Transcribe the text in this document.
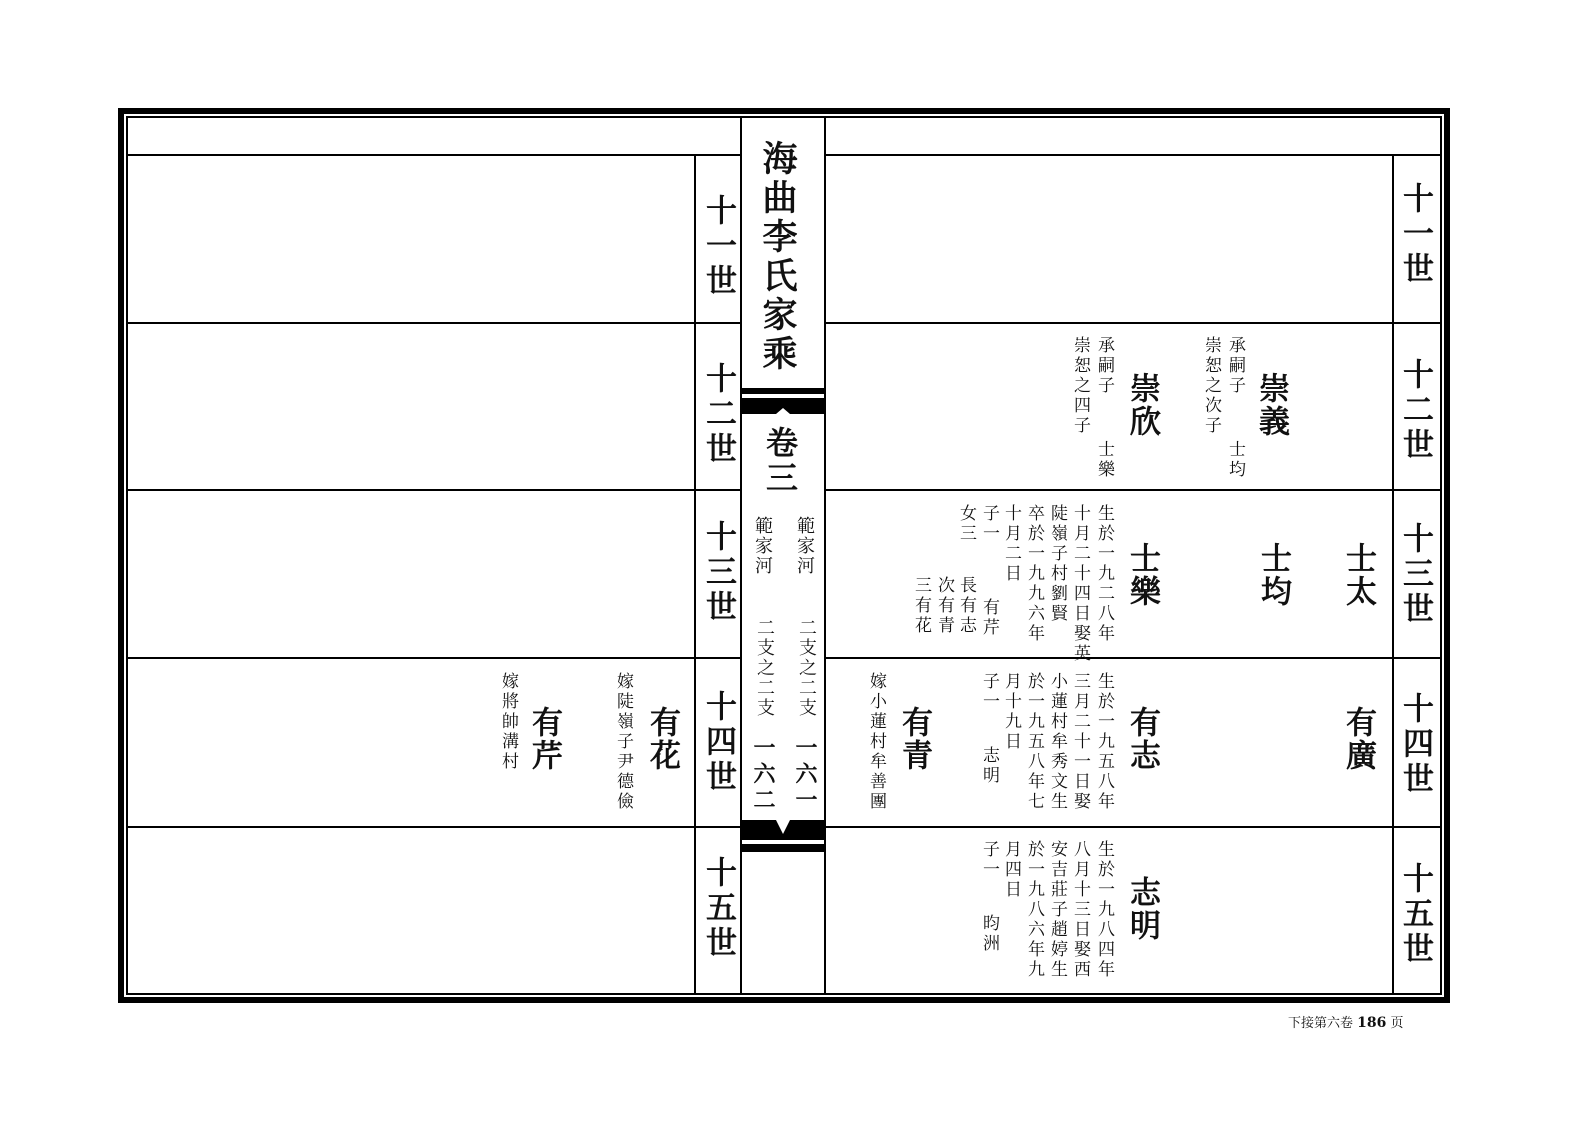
海曲李氏家乘
卷三
範家河
範家河
二支之二支
二支之二支
一六一
一六二
十一世
十二世
十三世
十四世
十五世
十一世
十二世
十三世
十四世
十五世
崇義
承嗣子
崇恕之次子
士均
崇欣
承嗣子
崇恕之四子
士樂
士太
士均
士樂
生於一九二八年
十月二十四日娶英
陡嶺子村劉賢
卒於一九九六年
十月二日
子一
女三
長有志
次有青
三有花	有芹
有廣
有志
生於一九五八年
三月二十一日娶
小蓮村牟秀文生
於一九五八年七
月十九日
子一
志明
有青
嫁小蓮村牟善團
志明
生於一九八四年
八月十三日娶西
安吉莊子趙婷生
於一九八六年九
月四日
子一
昀洲
有花
嫁陡嶺子尹德儉
有芹
嫁將帥溝村
下接第六卷 186 页
